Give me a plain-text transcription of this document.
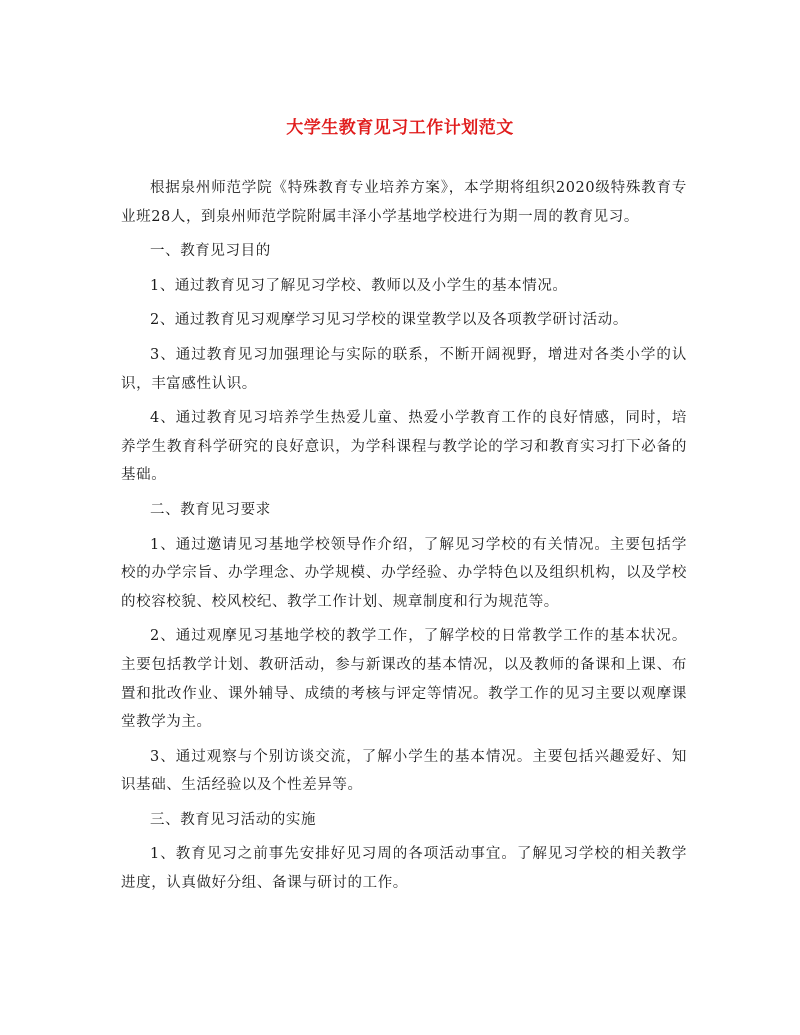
大学生教育见习工作计划范文

根据泉州师范学院《特殊教育专业培养方案》，本学期将组织2020级特殊教育专业班28人，到泉州师范学院附属丰泽小学基地学校进行为期一周的教育见习。

一、教育见习目的

1、通过教育见习了解见习学校、教师以及小学生的基本情况。

2、通过教育见习观摩学习见习学校的课堂教学以及各项教学研讨活动。

3、通过教育见习加强理论与实际的联系，不断开阔视野，增进对各类小学的认识，丰富感性认识。

4、通过教育见习培养学生热爱儿童、热爱小学教育工作的良好情感，同时，培养学生教育科学研究的良好意识，为学科课程与教学论的学习和教育实习打下必备的基础。

二、教育见习要求

1、通过邀请见习基地学校领导作介绍，了解见习学校的有关情况。主要包括学校的办学宗旨、办学理念、办学规模、办学经验、办学特色以及组织机构，以及学校的校容校貌、校风校纪、教学工作计划、规章制度和行为规范等。

2、通过观摩见习基地学校的教学工作，了解学校的日常教学工作的基本状况。主要包括教学计划、教研活动，参与新课改的基本情况，以及教师的备课和上课、布置和批改作业、课外辅导、成绩的考核与评定等情况。教学工作的见习主要以观摩课堂教学为主。

3、通过观察与个别访谈交流，了解小学生的基本情况。主要包括兴趣爱好、知识基础、生活经验以及个性差异等。

三、教育见习活动的实施

1、教育见习之前事先安排好见习周的各项活动事宜。了解见习学校的相关教学进度，认真做好分组、备课与研讨的工作。
